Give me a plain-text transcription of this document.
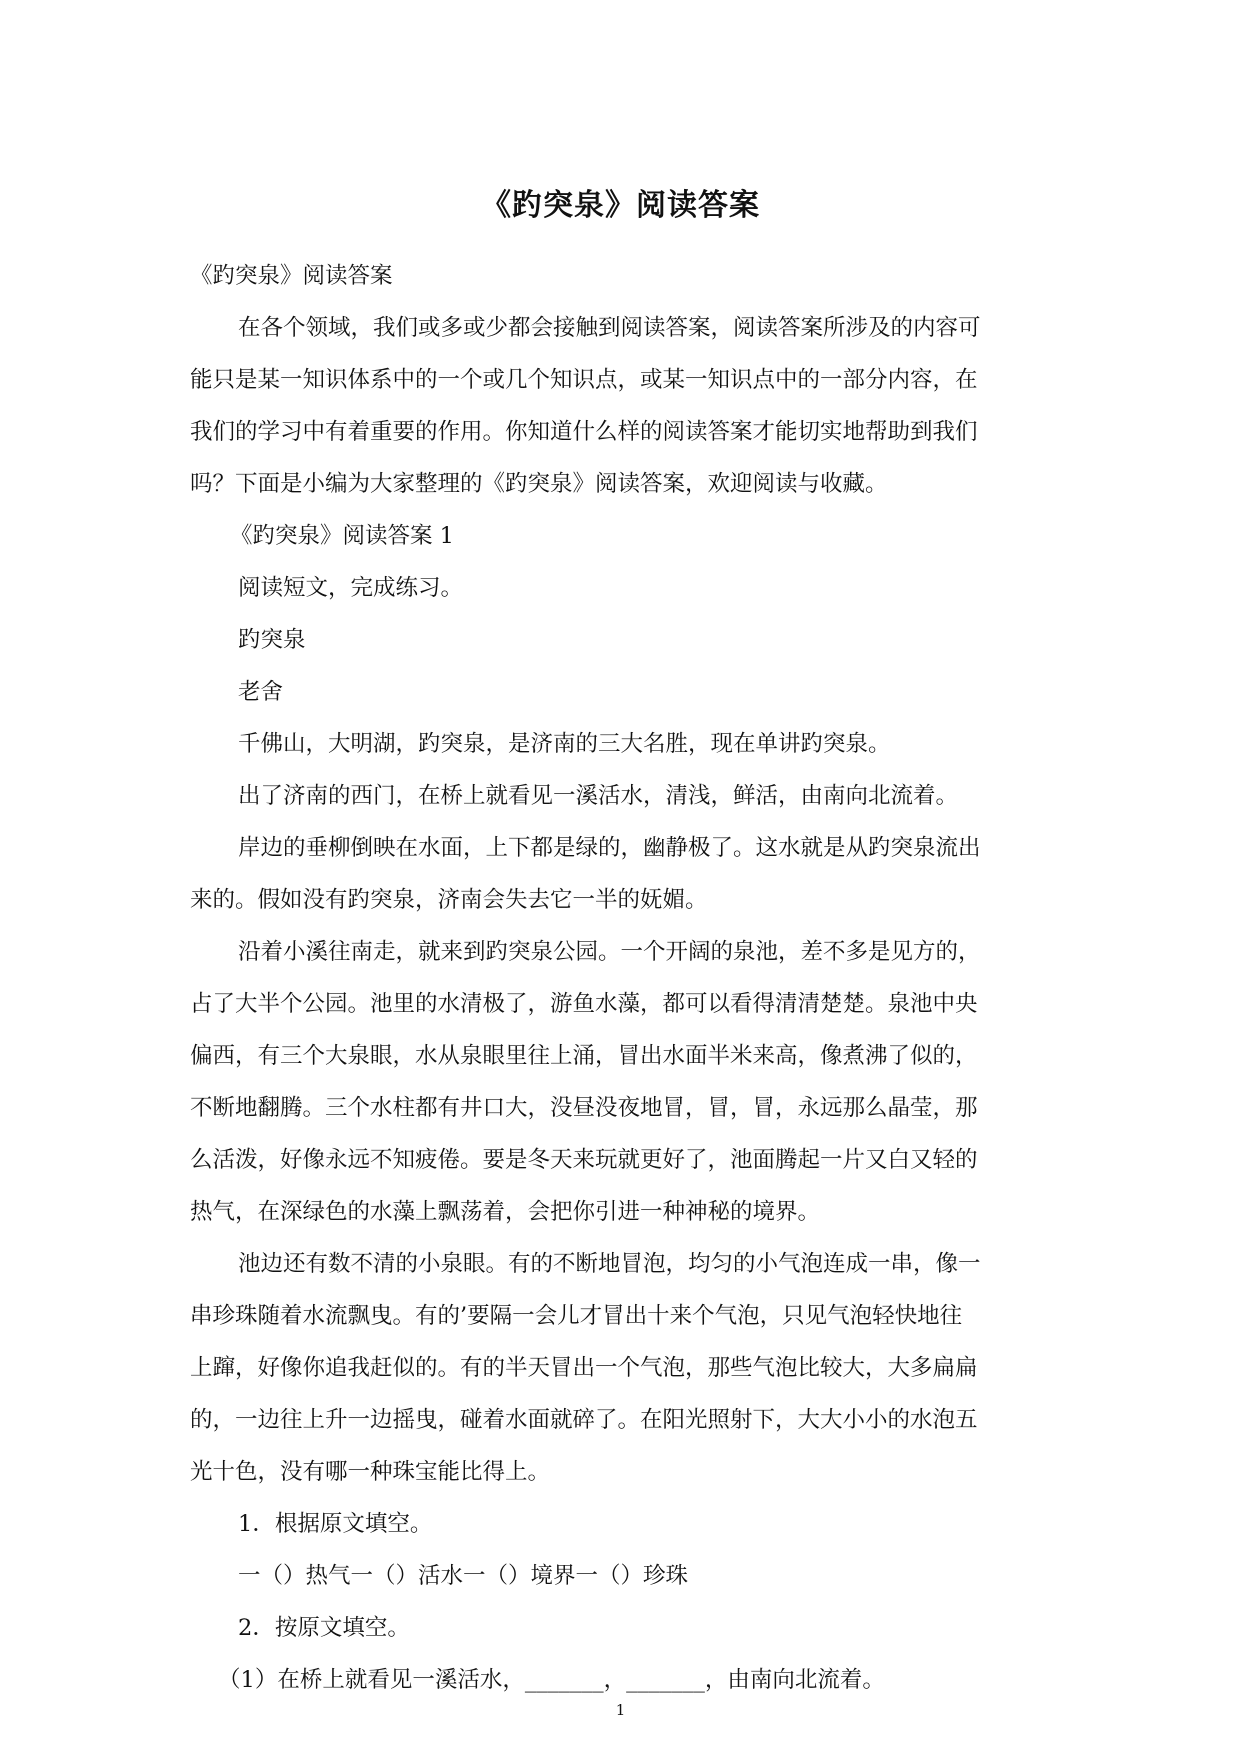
《趵突泉》阅读答案

《趵突泉》阅读答案

在各个领域，我们或多或少都会接触到阅读答案，阅读答案所涉及的内容可
能只是某一知识体系中的一个或几个知识点，或某一知识点中的一部分内容，在
我们的学习中有着重要的作用。你知道什么样的阅读答案才能切实地帮助到我们
吗？下面是小编为大家整理的《趵突泉》阅读答案，欢迎阅读与收藏。

《趵突泉》阅读答案 1

阅读短文，完成练习。

趵突泉

老舍

千佛山，大明湖，趵突泉，是济南的三大名胜，现在单讲趵突泉。

出了济南的西门，在桥上就看见一溪活水，清浅，鲜活，由南向北流着。

岸边的垂柳倒映在水面，上下都是绿的，幽静极了。这水就是从趵突泉流出
来的。假如没有趵突泉，济南会失去它一半的妩媚。

沿着小溪往南走，就来到趵突泉公园。一个开阔的泉池，差不多是见方的，
占了大半个公园。池里的水清极了，游鱼水藻，都可以看得清清楚楚。泉池中央
偏西，有三个大泉眼，水从泉眼里往上涌，冒出水面半米来高，像煮沸了似的，
不断地翻腾。三个水柱都有井口大，没昼没夜地冒，冒，冒，永远那么晶莹，那
么活泼，好像永远不知疲倦。要是冬天来玩就更好了，池面腾起一片又白又轻的
热气，在深绿色的水藻上飘荡着，会把你引进一种神秘的境界。

池边还有数不清的小泉眼。有的不断地冒泡，均匀的小气泡连成一串，像一
串珍珠随着水流飘曳。有的’要隔一会儿才冒出十来个气泡，只见气泡轻快地往
上蹿，好像你追我赶似的。有的半天冒出一个气泡，那些气泡比较大，大多扁扁
的，一边往上升一边摇曳，碰着水面就碎了。在阳光照射下，大大小小的水泡五
光十色，没有哪一种珠宝能比得上。

1．根据原文填空。

一（）热气一（）活水一（）境界一（）珍珠

2．按原文填空。

（1）在桥上就看见一溪活水，_______，_______，由南向北流着。

1
